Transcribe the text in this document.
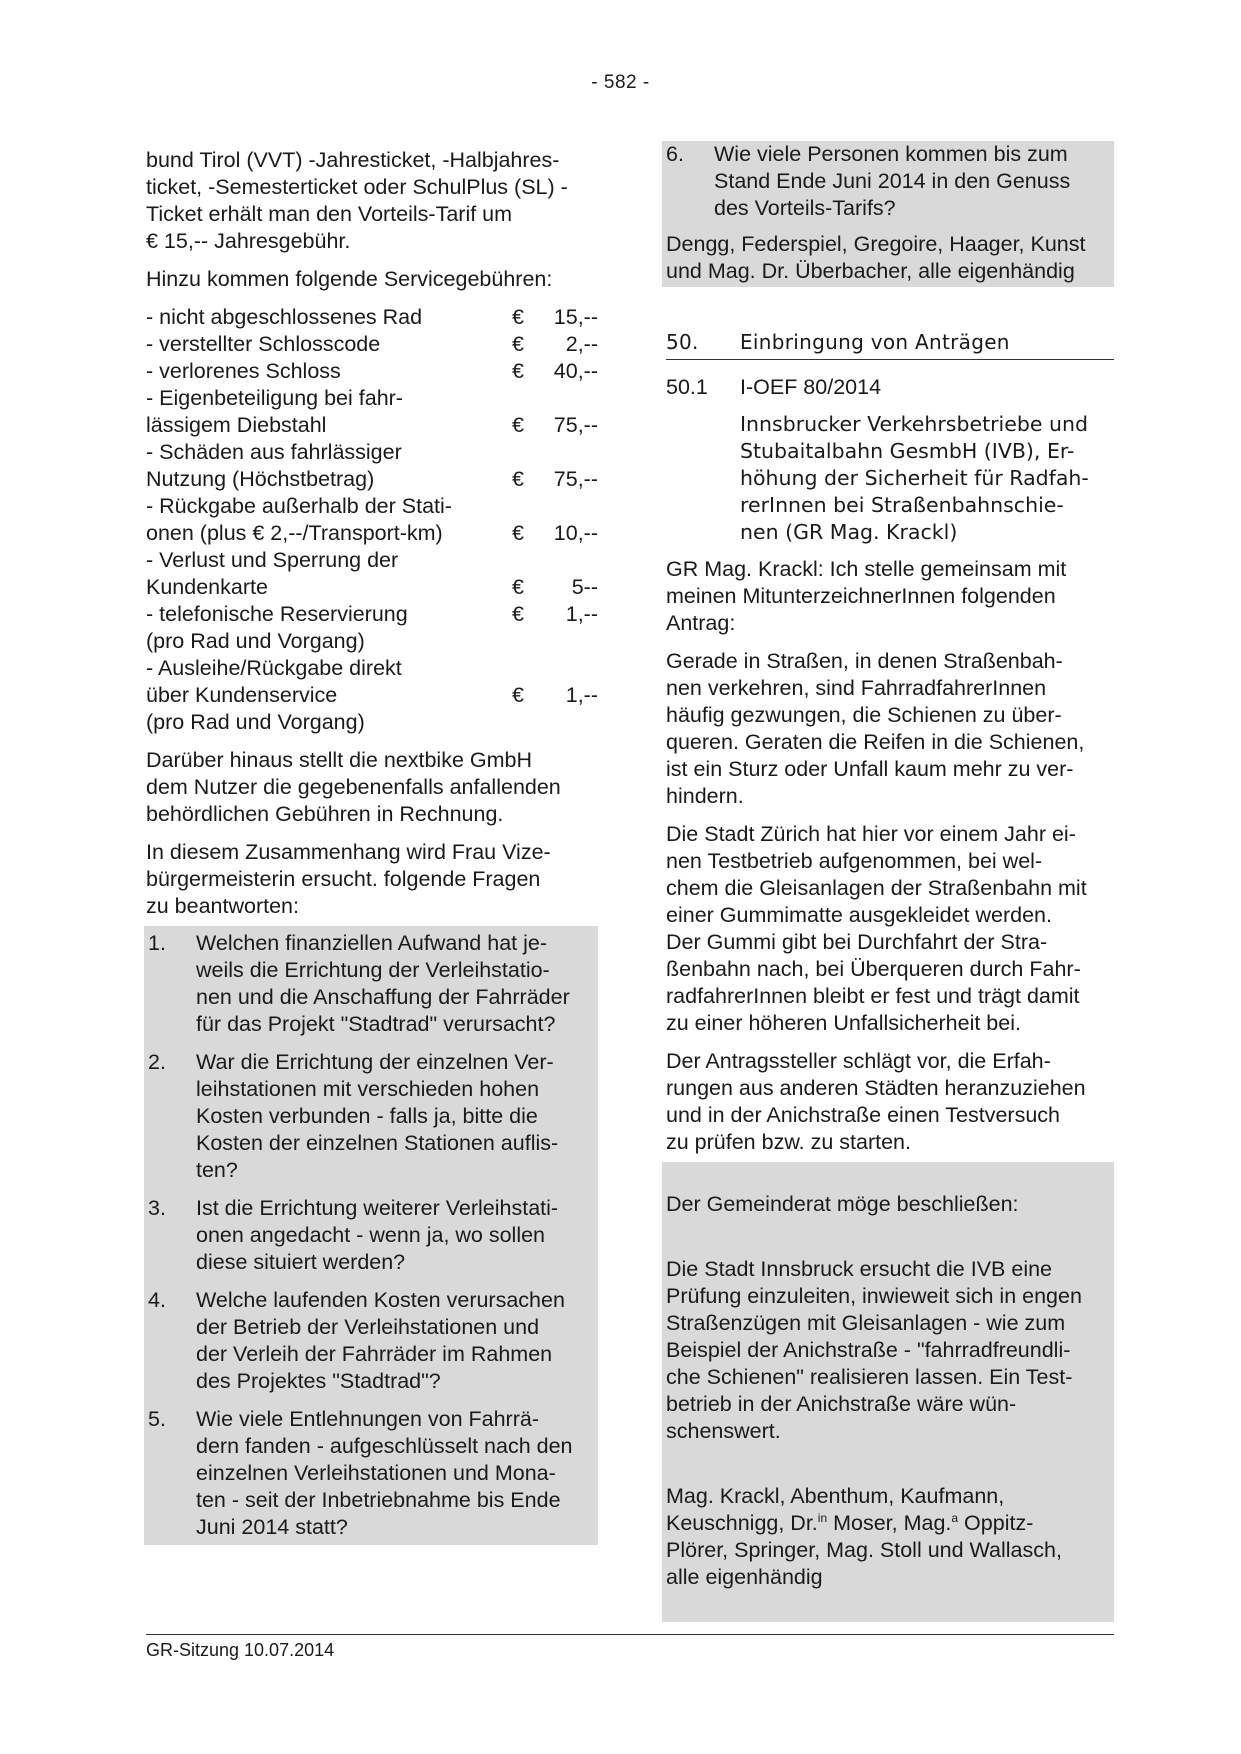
- 582 -

bund Tirol (VVT) -Jahresticket, -Halbjahres-
ticket, -Semesterticket oder SchulPlus (SL) -
Ticket erhält man den Vorteils-Tarif um
€ 15,-- Jahresgebühr.

Hinzu kommen folgende Servicegebühren:

- nicht abgeschlossenes Rad	€	15,--
- verstellter Schlosscode	€	2,--
- verlorenes Schloss	€	40,--
- Eigenbeteiligung bei fahr-
lässigem Diebstahl	€	75,--
- Schäden aus fahrlässiger
Nutzung (Höchstbetrag)	€	75,--
- Rückgabe außerhalb der Stati-
onen (plus € 2,--/Transport-km)	€	10,--
- Verlust und Sperrung der
Kundenkarte	€	5--
- telefonische Reservierung	€	1,--
(pro Rad und Vorgang)		
- Ausleihe/Rückgabe direkt
über Kundenservice	€	1,--
(pro Rad und Vorgang)		

Darüber hinaus stellt die nextbike GmbH
dem Nutzer die gegebenenfalls anfallenden
behördlichen Gebühren in Rechnung.

In diesem Zusammenhang wird Frau Vize-
bürgermeisterin ersucht. folgende Fragen
zu beantworten:

1.	Welchen finanziellen Aufwand hat je-
weils die Errichtung der Verleihstatio-
nen und die Anschaffung der Fahrräder
für das Projekt "Stadtrad" verursacht?
2.	War die Errichtung der einzelnen Ver-
leihstationen mit verschieden hohen
Kosten verbunden - falls ja, bitte die
Kosten der einzelnen Stationen auflis-
ten?
3.	Ist die Errichtung weiterer Verleihstati-
onen angedacht - wenn ja, wo sollen
diese situiert werden?
4.	Welche laufenden Kosten verursachen
der Betrieb der Verleihstationen und
der Verleih der Fahrräder im Rahmen
des Projektes "Stadtrad"?
5.	Wie viele Entlehnungen von Fahrrä-
dern fanden - aufgeschlüsselt nach den
einzelnen Verleihstationen und Mona-
ten - seit der Inbetriebnahme bis Ende
Juni 2014 statt?
6.	Wie viele Personen kommen bis zum
Stand Ende Juni 2014 in den Genuss
des Vorteils-Tarifs?
Dengg, Federspiel, Gregoire, Haager, Kunst
und Mag. Dr. Überbacher, alle eigenhändig
50.	Einbringung von Anträgen
50.1	I-OEF 80/2014
Innsbrucker Verkehrsbetriebe und
Stubaitalbahn GesmbH (IVB), Er-
höhung der Sicherheit für Radfah-
rerInnen bei Straßenbahnschie-
nen (GR Mag. Krackl)

GR Mag. Krackl: Ich stelle gemeinsam mit
meinen MitunterzeichnerInnen folgenden
Antrag:

Gerade in Straßen, in denen Straßenbah-
nen verkehren, sind FahrradfahrerInnen
häufig gezwungen, die Schienen zu über-
queren. Geraten die Reifen in die Schienen,
ist ein Sturz oder Unfall kaum mehr zu ver-
hindern.

Die Stadt Zürich hat hier vor einem Jahr ei-
nen Testbetrieb aufgenommen, bei wel-
chem die Gleisanlagen der Straßenbahn mit
einer Gummimatte ausgekleidet werden.
Der Gummi gibt bei Durchfahrt der Stra-
ßenbahn nach, bei Überqueren durch Fahr-
radfahrerInnen bleibt er fest und trägt damit
zu einer höheren Unfallsicherheit bei.

Der Antragssteller schlägt vor, die Erfah-
rungen aus anderen Städten heranzuziehen
und in der Anichstraße einen Testversuch
zu prüfen bzw. zu starten.

Der Gemeinderat möge beschließen:

Die Stadt Innsbruck ersucht die IVB eine
Prüfung einzuleiten, inwieweit sich in engen
Straßenzügen mit Gleisanlagen - wie zum
Beispiel der Anichstraße - "fahrradfreundli-
che Schienen" realisieren lassen. Ein Test-
betrieb in der Anichstraße wäre wün-
schenswert.

Mag. Krackl, Abenthum, Kaufmann,
Keuschnigg, Dr.$^{in}$ Moser, Mag.$^a$ Oppitz-
Plörer, Springer, Mag. Stoll und Wallasch,
alle eigenhändig

GR-Sitzung 10.07.2014
